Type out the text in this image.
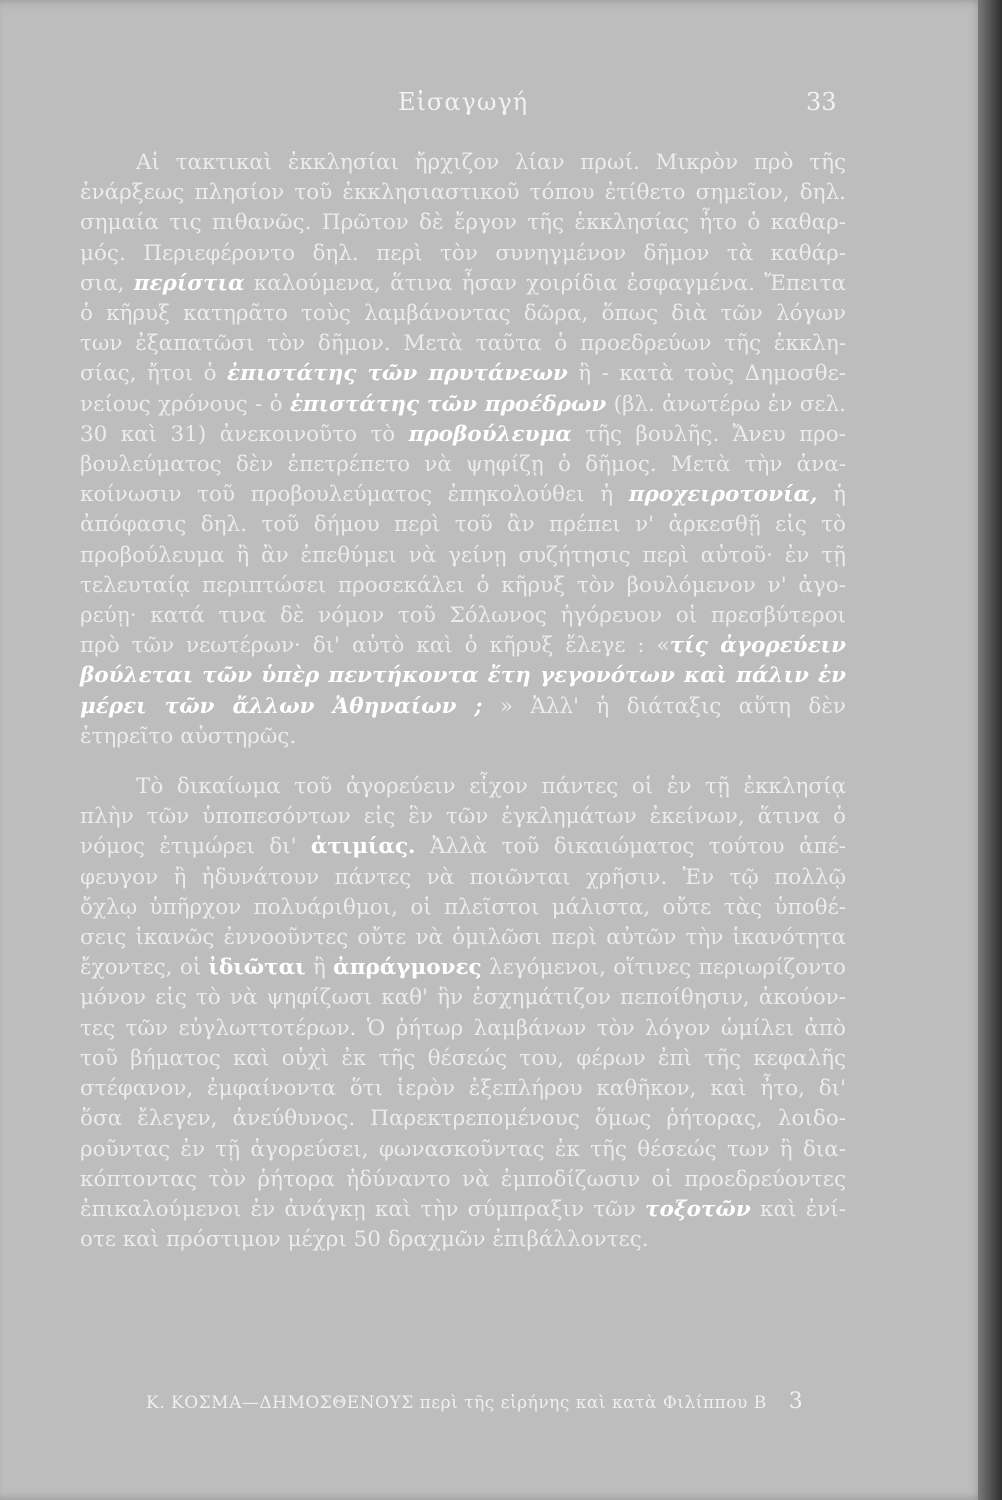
Εἰσαγωγή	33
Αἱ τακτικαὶ ἐκκλησίαι ἤρχιζον λίαν πρωί. Μικρὸν πρὸ τῆς
ἐνάρξεως πλησίον τοῦ ἐκκλησιαστικοῦ τόπου ἐτίθετο σημεῖον, δηλ.
σημαία τις πιθανῶς. Πρῶτον δὲ ἔργον τῆς ἐκκλησίας ἦτο ὁ καθαρ-
μός. Περιεφέροντο δηλ. περὶ τὸν συνηγμένον δῆμον τὰ καθάρ-
σια, περίστια καλούμενα, ἅτινα ἦσαν χοιρίδια ἐσφαγμένα. Ἔπειτα
ὁ κῆρυξ κατηρᾶτο τοὺς λαμβάνοντας δῶρα, ὅπως διὰ τῶν λόγων
των ἐξαπατῶσι τὸν δῆμον. Μετὰ ταῦτα ὁ προεδρεύων τῆς ἐκκλη-
σίας, ἤτοι ὁ ἐπιστάτης τῶν πρυτάνεων ἢ - κατὰ τοὺς Δημοσθε-
νείους χρόνους - ὁ ἐπιστάτης τῶν προέδρων (βλ. ἀνωτέρω ἐν σελ.
30 καὶ 31) ἀνεκοινοῦτο τὸ προβούλευμα τῆς βουλῆς. Ἄνευ προ-
βουλεύματος δὲν ἐπετρέπετο νὰ ψηφίζῃ ὁ δῆμος. Μετὰ τὴν ἀνα-
κοίνωσιν τοῦ προβουλεύματος ἐπηκολούθει ἡ προχειροτονία, ἡ
ἀπόφασις δηλ. τοῦ δήμου περὶ τοῦ ἂν πρέπει ν' ἀρκεσθῇ εἰς τὸ
προβούλευμα ἢ ἂν ἐπεθύμει νὰ γείνῃ συζήτησις περὶ αὐτοῦ· ἐν τῇ
τελευταίᾳ περιπτώσει προσεκάλει ὁ κῆρυξ τὸν βουλόμενον ν' ἀγο-
ρεύῃ· κατά τινα δὲ νόμον τοῦ Σόλωνος ἠγόρευον οἱ πρεσβύτεροι
πρὸ τῶν νεωτέρων· δι' αὐτὸ καὶ ὁ κῆρυξ ἔλεγε : «τίς ἀγορεύειν
βούλεται τῶν ὑπὲρ πεντήκοντα ἔτη γεγονότων καὶ πάλιν ἐν
μέρει τῶν ἄλλων Ἀθηναίων ; » Ἀλλ' ἡ διάταξις αὕτη δὲν
ἐτηρεῖτο αὐστηρῶς.
Τὸ δικαίωμα τοῦ ἀγορεύειν εἶχον πάντες οἱ ἐν τῇ ἐκκλησίᾳ
πλὴν τῶν ὑποπεσόντων εἰς ἓν τῶν ἐγκλημάτων ἐκείνων, ἅτινα ὁ
νόμος ἐτιμώρει δι' ἀτιμίας. Ἀλλὰ τοῦ δικαιώματος τούτου ἀπέ-
φευγον ἢ ἠδυνάτουν πάντες νὰ ποιῶνται χρῆσιν. Ἐν τῷ πολλῷ
ὄχλῳ ὑπῆρχον πολυάριθμοι, οἱ πλεῖστοι μάλιστα, οὔτε τὰς ὑποθέ-
σεις ἱκανῶς ἐννοοῦντες οὔτε νὰ ὁμιλῶσι περὶ αὐτῶν τὴν ἱκανότητα
ἔχοντες, οἱ ἰδιῶται ἢ ἀπράγμονες λεγόμενοι, οἵτινες περιωρίζοντο
μόνον εἰς τὸ νὰ ψηφίζωσι καθ' ἣν ἐσχημάτιζον πεποίθησιν, ἀκούον-
τες τῶν εὐγλωττοτέρων. Ὁ ῥήτωρ λαμβάνων τὸν λόγον ὡμίλει ἀπὸ
τοῦ βήματος καὶ οὐχὶ ἐκ τῆς θέσεώς του, φέρων ἐπὶ τῆς κεφαλῆς
στέφανον, ἐμφαίνοντα ὅτι ἱερὸν ἐξεπλήρου καθῆκον, καὶ ἦτο, δι'
ὅσα ἔλεγεν, ἀνεύθυνος. Παρεκτρεπομένους ὅμως ῥήτορας, λοιδο-
ροῦντας ἐν τῇ ἀγορεύσει, φωνασκοῦντας ἐκ τῆς θέσεώς των ἢ δια-
κόπτοντας τὸν ῥήτορα ἠδύναντο νὰ ἐμποδίζωσιν οἱ προεδρεύοντες
ἐπικαλούμενοι ἐν ἀνάγκῃ καὶ τὴν σύμπραξιν τῶν τοξοτῶν καὶ ἐνί-
οτε καὶ πρόστιμον μέχρι 50 δραχμῶν ἐπιβάλλοντες.
Κ. ΚΟΣΜΑ—ΔΗΜΟΣΘΕΝΟΥΣ περὶ τῆς εἰρήνης καὶ κατὰ Φιλίππου Β 3
